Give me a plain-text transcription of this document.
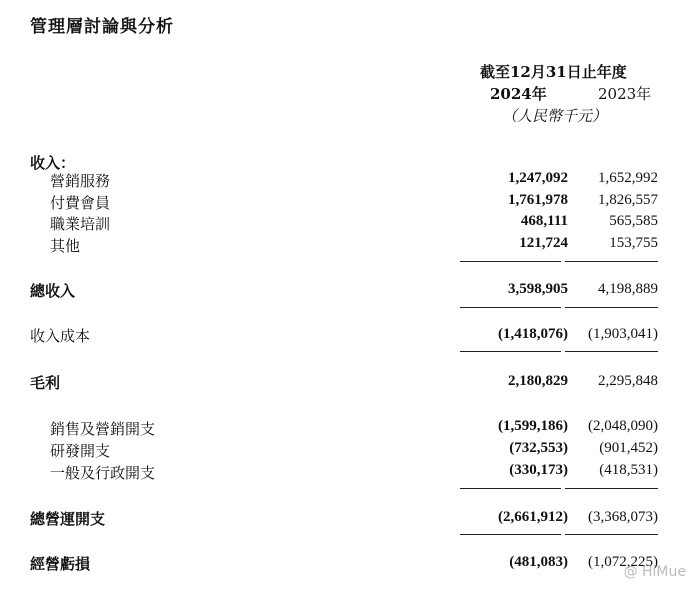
管理層討論與分析
截至12月31日止年度
2024年	2023年
（人民幣千元）
收入：
營銷服務	1,247,092 1,652,992
付費會員	1,761,978 1,826,557
職業培訓	468,111	565,585
其他	121,724	153,755
總收入	3,598,905 4,198,889
收入成本	(1,418,076) (1,903,041)
毛利	2,180,829 2,295,848
銷售及營銷開支	(1,599,186) (2,048,090)
研發開支	(732,553) (901,452)
一般及行政開支	(330,173) (418,531)
總營運開支	(2,661,912) (3,368,073)
經營虧損	(481,083) (1,072,225)
@ HiMue
